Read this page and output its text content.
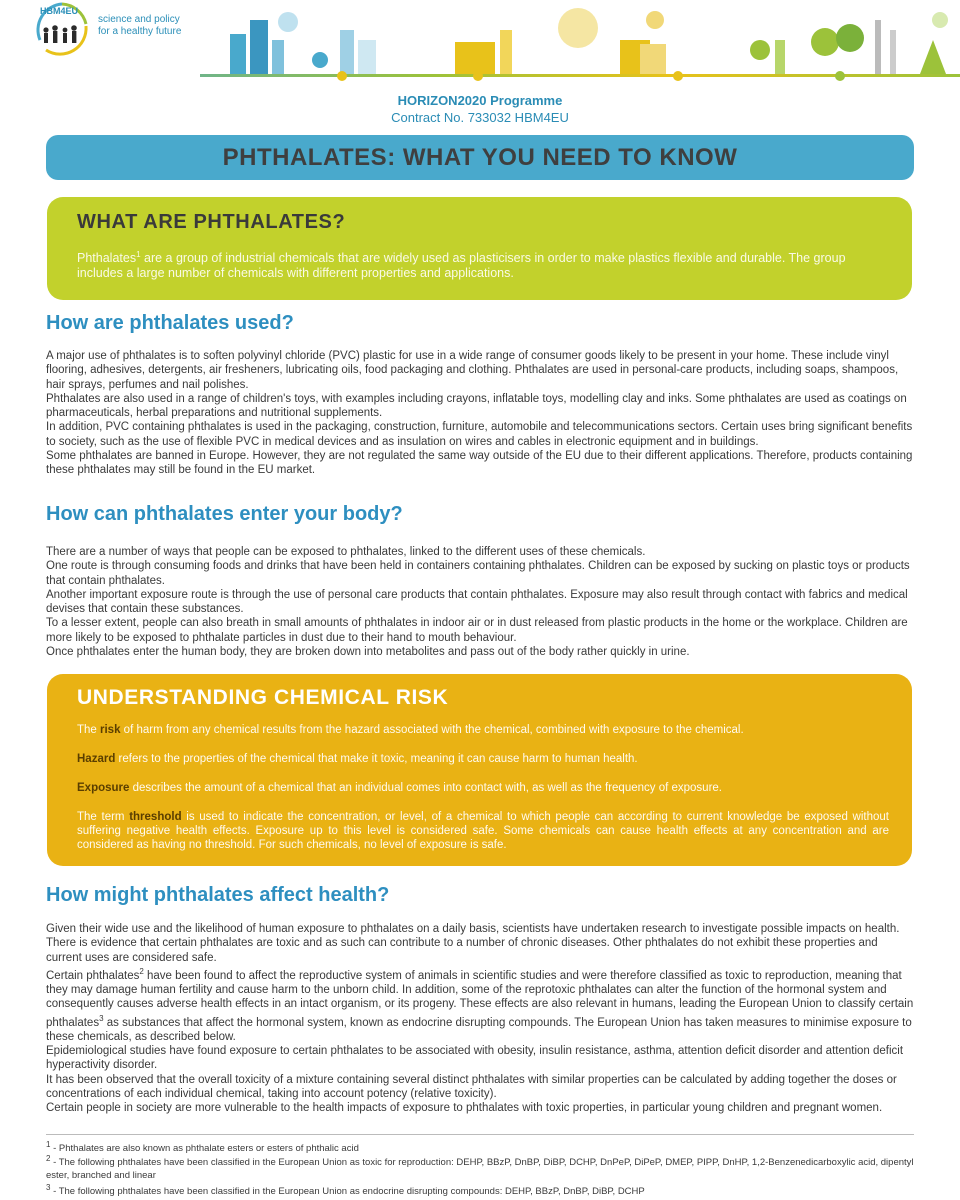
HBM4EU
science and policy
for a healthy future
HORIZON2020 Programme
Contract No. 733032 HBM4EU
PHTHALATES: WHAT YOU NEED TO KNOW
WHAT ARE PHTHALATES?
Phthalates$^1$ are a group of industrial chemicals that are widely used as plasticisers in order to make plastics flexible and durable. The group includes a large number of chemicals with different properties and applications.
How are phthalates used?

A major use of phthalates is to soften polyvinyl chloride (PVC) plastic for use in a wide range of consumer goods likely to be present in your home. These include vinyl flooring, adhesives, detergents, air fresheners, lubricating oils, food packaging and clothing. Phthalates are used in personal-care products, including soaps, shampoos, hair sprays, perfumes and nail polishes.

Phthalates are also used in a range of children's toys, with examples including crayons, inflatable toys, modelling clay and inks. Some phthalates are used as coatings on pharmaceuticals, herbal preparations and nutritional supplements.

In addition, PVC containing phthalates is used in the packaging, construction, furniture, automobile and telecommunications sectors. Certain uses bring significant benefits to society, such as the use of flexible PVC in medical devices and as insulation on wires and cables in electronic equipment and in buildings.

Some phthalates are banned in Europe. However, they are not regulated the same way outside of the EU due to their different applications. Therefore, products containing these phthalates may still be found in the EU market.

How can phthalates enter your body?

There are a number of ways that people can be exposed to phthalates, linked to the different uses of these chemicals.

One route is through consuming foods and drinks that have been held in containers containing phthalates. Children can be exposed by sucking on plastic toys or products that contain phthalates.

Another important exposure route is through the use of personal care products that contain phthalates. Exposure may also result through contact with fabrics and medical devises that contain these substances.

To a lesser extent, people can also breath in small amounts of phthalates in indoor air or in dust released from plastic products in the home or the workplace. Children are more likely to be exposed to phthalate particles in dust due to their hand to mouth behaviour.

Once phthalates enter the human body, they are broken down into metabolites and pass out of the body rather quickly in urine.

UNDERSTANDING CHEMICAL RISK
The risk of harm from any chemical results from the hazard associated with the chemical, combined with exposure to the chemical.
Hazard refers to the properties of the chemical that make it toxic, meaning it can cause harm to human health.
Exposure describes the amount of a chemical that an individual comes into contact with, as well as the frequency of exposure.
The term threshold is used to indicate the concentration, or level, of a chemical to which people can according to current knowledge be exposed without suffering negative health effects. Exposure up to this level is considered safe. Some chemicals can cause health effects at any concentration and are considered as having no threshold. For such chemicals, no level of exposure is safe.
How might phthalates affect health?

Given their wide use and the likelihood of human exposure to phthalates on a daily basis, scientists have undertaken research to investigate possible impacts on health. There is evidence that certain phthalates are toxic and as such can contribute to a number of chronic diseases. Other phthalates do not exhibit these properties and current uses are considered safe.

Certain phthalates$^2$ have been found to affect the reproductive system of animals in scientific studies and were therefore classified as toxic to reproduction, meaning that they may damage human fertility and cause harm to the unborn child. In addition, some of the reprotoxic phthalates can alter the function of the hormonal system and consequently causes adverse health effects in an intact organism, or its progeny. These effects are also relevant in humans, leading the European Union to classify certain phthalates$^3$ as substances that affect the hormonal system, known as endocrine disrupting compounds. The European Union has taken measures to minimise exposure to these chemicals, as described below.

Epidemiological studies have found exposure to certain phthalates to be associated with obesity, insulin resistance, asthma, attention deficit disorder and attention deficit hyperactivity disorder.

It has been observed that the overall toxicity of a mixture containing several distinct phthalates with similar properties can be calculated by adding together the doses or concentrations of each individual chemical, taking into account potency (relative toxicity).

Certain people in society are more vulnerable to the health impacts of exposure to phthalates with toxic properties, in particular young children and pregnant women.

$^1$ - Phthalates are also known as phthalate esters or esters of phthalic acid
$^2$ - The following phthalates have been classified in the European Union as toxic for reproduction: DEHP, BBzP, DnBP, DiBP, DCHP, DnPeP, DiPeP, DMEP, PIPP, DnHP, 1,2-Benzenedicarboxylic acid, dipentyl ester, branched and linear
$^3$ - The following phthalates have been classified in the European Union as endocrine disrupting compounds: DEHP, BBzP, DnBP, DiBP, DCHP
